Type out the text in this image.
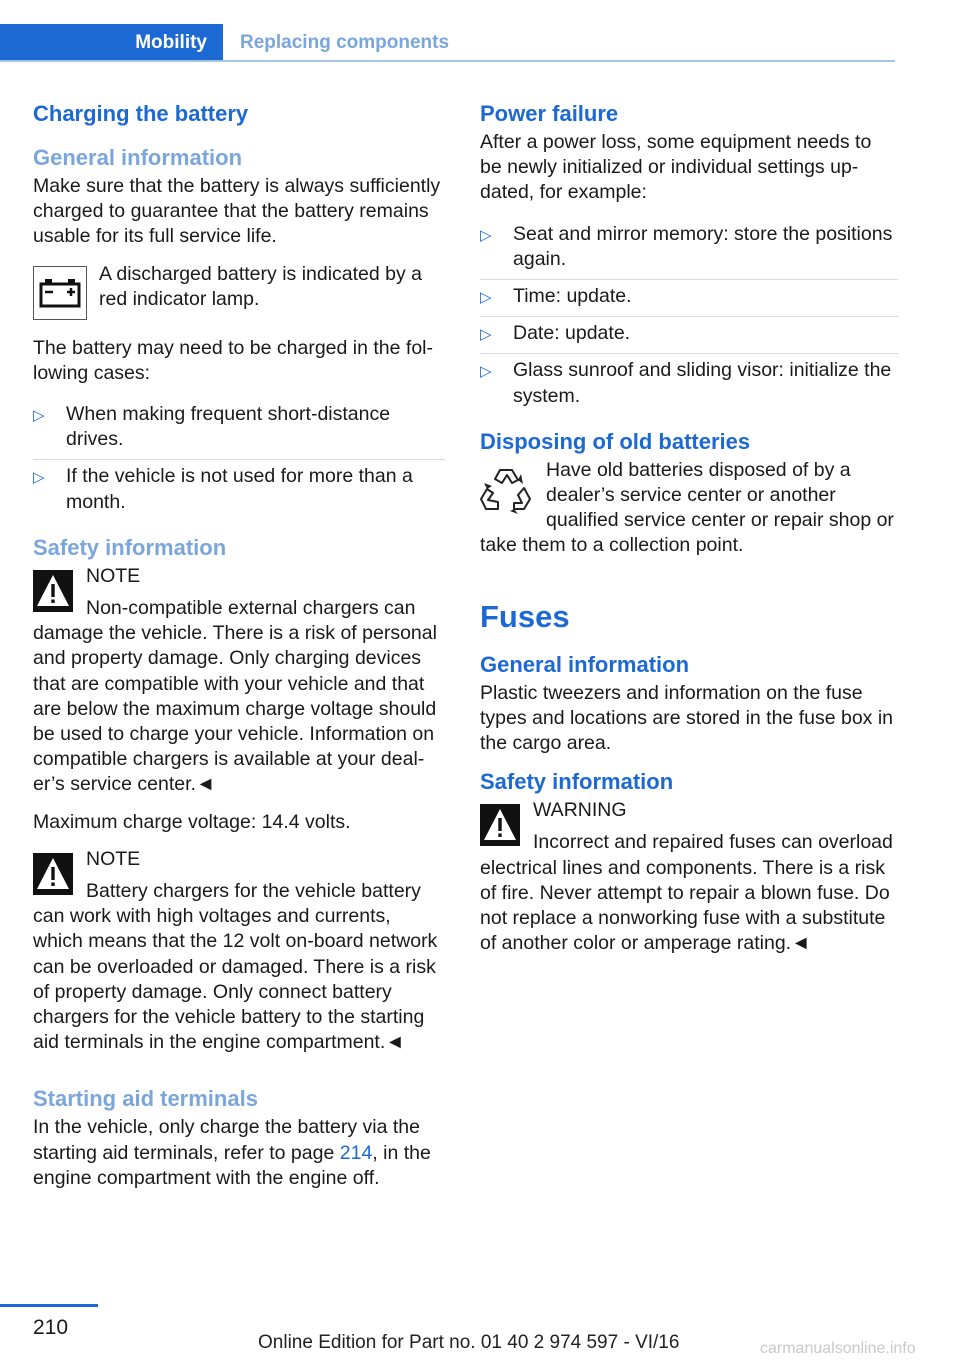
Mobility	Replacing components
Charging the battery
General information

Make sure that the battery is always sufficiently charged to guarantee that the battery remains usable for its full service life.

A discharged battery is indicated by a red indicator lamp.

The battery may need to be charged in the following cases:

▷ When making frequent short-distance drives.
▷ If the vehicle is not used for more than a month.
Safety information
NOTE
Non-compatible external chargers can damage the vehicle. There is a risk of personal and property damage. Only charging devices that are compatible with your vehicle and that are below the maximum charge voltage should be used to charge your vehicle. Information on compatible chargers is available at your dealer’s service center.◄

Maximum charge voltage: 14.4 volts.

NOTE
Battery chargers for the vehicle battery can work with high voltages and currents, which means that the 12 volt on-board network can be overloaded or damaged. There is a risk of property damage. Only connect battery chargers for the vehicle battery to the starting aid terminals in the engine compartment.◄
Starting aid terminals

In the vehicle, only charge the battery via the starting aid terminals, refer to page 214, in the engine compartment with the engine off.

Power failure

After a power loss, some equipment needs to be newly initialized or individual settings updated, for example:

▷ Seat and mirror memory: store the positions again.
▷ Time: update.
▷ Date: update.
▷ Glass sunroof and sliding visor: initialize the system.
Disposing of old batteries
Have old batteries disposed of by a dealer’s service center or another qualified service center or repair shop or take them to a collection point.
Fuses
General information

Plastic tweezers and information on the fuse types and locations are stored in the fuse box in the cargo area.

Safety information
WARNING
Incorrect and repaired fuses can overload electrical lines and components. There is a risk of fire. Never attempt to repair a blown fuse. Do not replace a nonworking fuse with a substitute of another color or amperage rating.◄
210
Online Edition for Part no. 01 40 2 974 597 - VI/16	carmanualsonline.info
